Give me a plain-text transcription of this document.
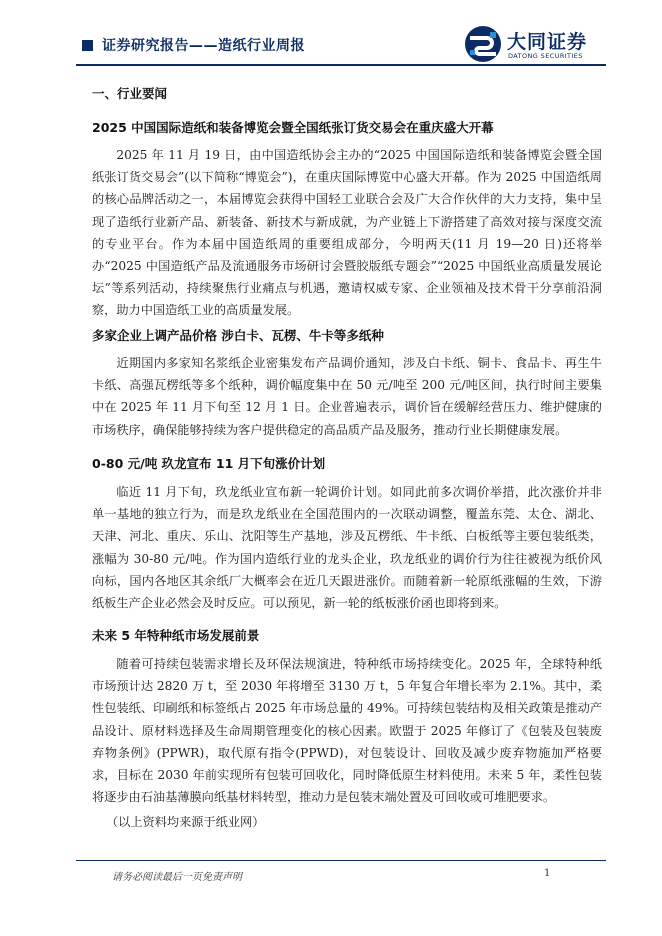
证券研究报告——造纸行业周报	大同证券
DATONG SECURITIES
一、行业要闻
2025 中国国际造纸和装备博览会暨全国纸张订货交易会在重庆盛大开幕
2025 年 11 月 19 日，由中国造纸协会主办的“2025 中国国际造纸和装备博览会暨全国纸张订货交易会”(以下简称“博览会”)，在重庆国际博览中心盛大开幕。作为 2025 中国造纸周的核心品牌活动之一，本届博览会获得中国轻工业联合会及广大合作伙伴的大力支持，集中呈现了造纸行业新产品、新装备、新技术与新成就，为产业链上下游搭建了高效对接与深度交流的专业平台。作为本届中国造纸周的重要组成部分，今明两天(11 月 19—20 日)还将举办“2025 中国造纸产品及流通服务市场研讨会暨胶版纸专题会”“2025 中国纸业高质量发展论坛”等系列活动，持续聚焦行业痛点与机遇，邀请权威专家、企业领袖及技术骨干分享前沿洞察，助力中国造纸工业的高质量发展。
多家企业上调产品价格 涉白卡、瓦楞、牛卡等多纸种
近期国内多家知名浆纸企业密集发布产品调价通知，涉及白卡纸、铜卡、食品卡、再生牛卡纸、高强瓦楞纸等多个纸种，调价幅度集中在 50 元/吨至 200 元/吨区间，执行时间主要集中在 2025 年 11 月下旬至 12 月 1 日。企业普遍表示，调价旨在缓解经营压力、维护健康的市场秩序，确保能够持续为客户提供稳定的高品质产品及服务，推动行业长期健康发展。
0-80 元/吨 玖龙宣布 11 月下旬涨价计划
临近 11 月下旬，玖龙纸业宣布新一轮调价计划。如同此前多次调价举措，此次涨价并非单一基地的独立行为，而是玖龙纸业在全国范围内的一次联动调整，覆盖东莞、太仓、湖北、天津、河北、重庆、乐山、沈阳等生产基地，涉及瓦楞纸、牛卡纸、白板纸等主要包装纸类，涨幅为 30-80 元/吨。作为国内造纸行业的龙头企业，玖龙纸业的调价行为往往被视为纸价风向标，国内各地区其余纸厂大概率会在近几天跟进涨价。而随着新一轮原纸涨幅的生效，下游纸板生产企业必然会及时反应。可以预见，新一轮的纸板涨价函也即将到来。
未来 5 年特种纸市场发展前景
随着可持续包装需求增长及环保法规演进，特种纸市场持续变化。2025 年，全球特种纸市场预计达 2820 万 t，至 2030 年将增至 3130 万 t，5 年复合年增长率为 2.1%。其中，柔性包装纸、印刷纸和标签纸占 2025 年市场总量的 49%。可持续包装结构及相关政策是推动产品设计、原材料选择及生命周期管理变化的核心因素。欧盟于 2025 年修订了《包装及包装废弃物条例》(PPWR)，取代原有指令(PPWD)，对包装设计、回收及减少废弃物施加严格要求，目标在 2030 年前实现所有包装可回收化，同时降低原生材料使用。未来 5 年，柔性包装将逐步由石油基薄膜向纸基材料转型，推动力是包装末端处置及可回收或可堆肥要求。
（以上资料均来源于纸业网）
请务必阅读最后一页免责声明	1
